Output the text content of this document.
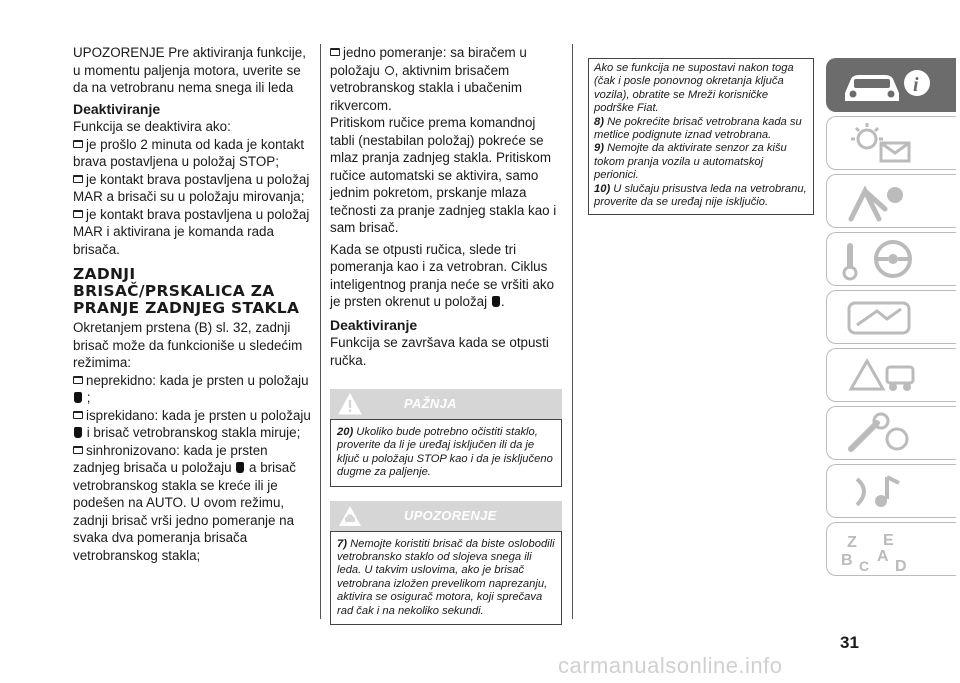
UPOZORENJE Pre aktiviranja funkcije, u momentu paljenja motora, uverite se da na vetrobranu nema snega ili leda

Deaktiviranje

Funkcija se deaktivira ako:

je prošlo 2 minuta od kada je kontakt brava postavljena u položaj STOP;

je kontakt brava postavljena u položaj MAR a brisači su u položaju mirovanja;

je kontakt brava postavljena u položaj MAR i aktivirana je komanda rada brisača.

ZADNJI BRISAČ/PRSKALICA ZA PRANJE ZADNJEG STAKLA

Okretanjem prstena (B) sl. 32, zadnji brisač može da funkcioniše u sledećim režimima:

neprekidno: kada je prsten u položaju  ;

isprekidano: kada je prsten u položaju  i brisač vetrobranskog stakla miruje;

sinhronizovano: kada je prsten zadnjeg brisača u položaju a brisač vetrobranskog stakla se kreće ili je podešen na AUTO. U ovom režimu, zadnji brisač vrši jedno pomeranje na svaka dva pomeranja brisača vetrobranskog stakla;

jedno pomeranje: sa biračem u položaju , aktivnim brisačem vetrobranskog stakla i ubačenim rikvercom.

Pritiskom ručice prema komandnoj tabli (nestabilan položaj) pokreće se mlaz pranja zadnjeg stakla. Pritiskom ručice automatski se aktivira, samo jednim pokretom, prskanje mlaza tečnosti za pranje zadnjeg stakla kao i sam brisač.

Kada se otpusti ručica, slede tri pomeranja kao i za vetrobran. Ciklus inteligentnog pranja neće se vršiti ako je prsten okrenut u položaj .

Deaktiviranje

Funkcija se završava kada se otpusti ručka.

PAŽNJA
20) Ukoliko bude potrebno očistiti staklo, proverite da li je uređaj isključen ili da je ključ u položaju STOP kao i da je isključeno dugme za paljenje.
UPOZORENJE
7) Nemojte koristiti brisač da biste oslobodili vetrobransko staklo od slojeva snega ili leda. U takvim uslovima, ako je brisač vetrobrana izložen prevelikom naprezanju, aktivira se osigurač motora, koji sprečava rad čak i na nekoliko sekundi.

Ako se funkcija ne supostavi nakon toga (čak i posle ponovnog okretanja ključa vozila), obratite se Mreži korisničke podrške Fiat.

8) Ne pokrećite brisač vetrobrana kada su metlice podignute iznad vetrobrana.

9) Nemojte da aktivirate senzor za kišu tokom pranja vozila u automatskoj perionici.

10) U slučaju prisustva leda na vetrobranu, proverite da se uređaj nije isključio.

i
Z E
B A
C D
31
carmanualsonline.info
